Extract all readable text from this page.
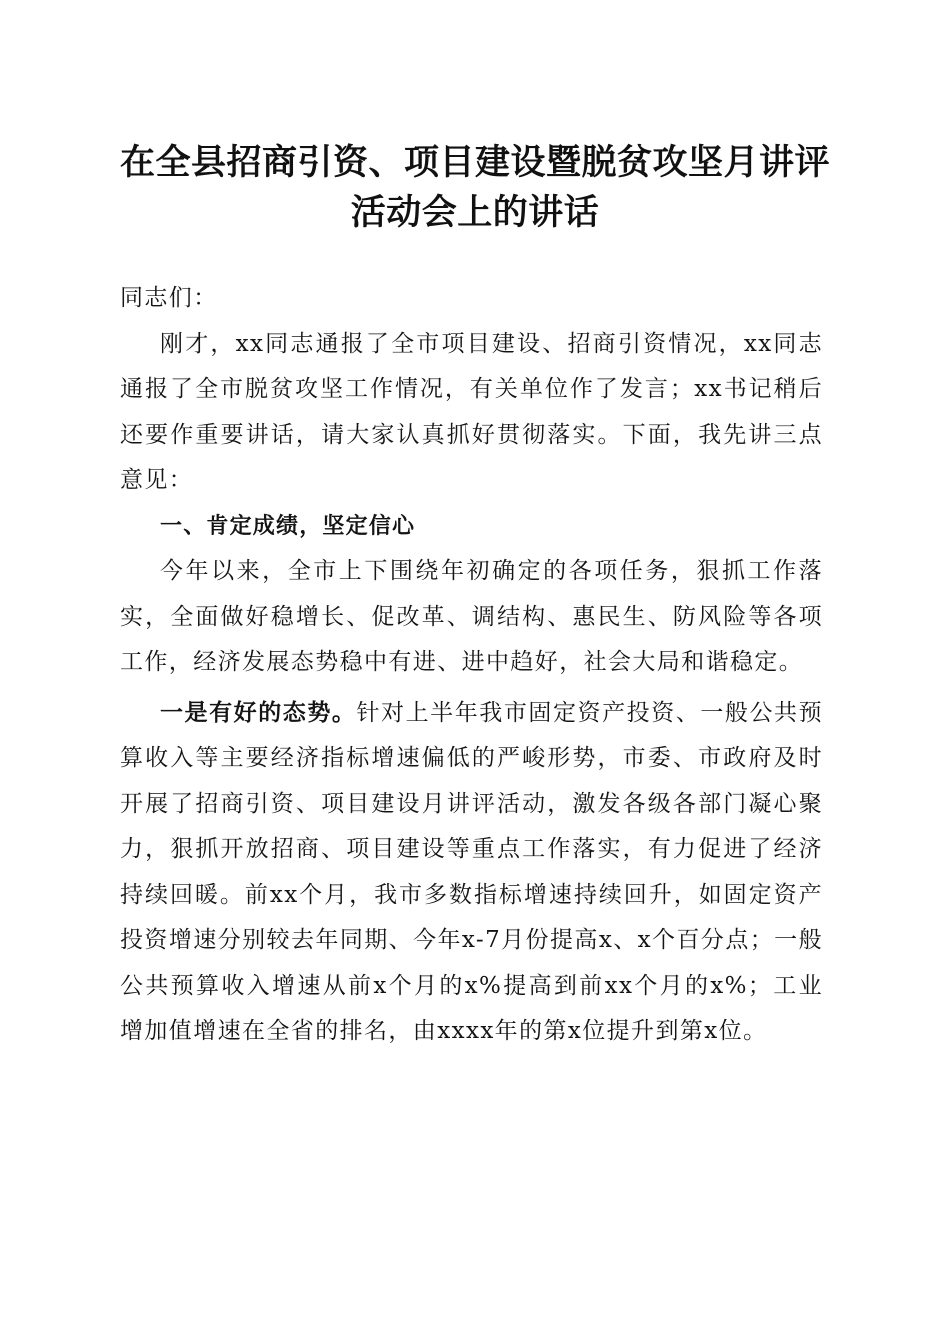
在全县招商引资、项目建设暨脱贫攻坚月讲评
活动会上的讲话

同志们：

刚才，xx同志通报了全市项目建设、招商引资情况，xx同志通报了全市脱贫攻坚工作情况，有关单位作了发言；xx书记稍后还要作重要讲话，请大家认真抓好贯彻落实。下面，我先讲三点意见：

一、肯定成绩，坚定信心

今年以来，全市上下围绕年初确定的各项任务，狠抓工作落实，全面做好稳增长、促改革、调结构、惠民生、防风险等各项工作，经济发展态势稳中有进、进中趋好，社会大局和谐稳定。

一是有好的态势。针对上半年我市固定资产投资、一般公共预算收入等主要经济指标增速偏低的严峻形势，市委、市政府及时开展了招商引资、项目建设月讲评活动，激发各级各部门凝心聚力，狠抓开放招商、项目建设等重点工作落实，有力促进了经济持续回暖。前xx个月，我市多数指标增速持续回升，如固定资产投资增速分别较去年同期、今年x-7月份提高x、x个百分点；一般公共预算收入增速从前x个月的x%提高到前xx个月的x%；工业增加值增速在全省的排名，由xxxx年的第x位提升到第x位。
